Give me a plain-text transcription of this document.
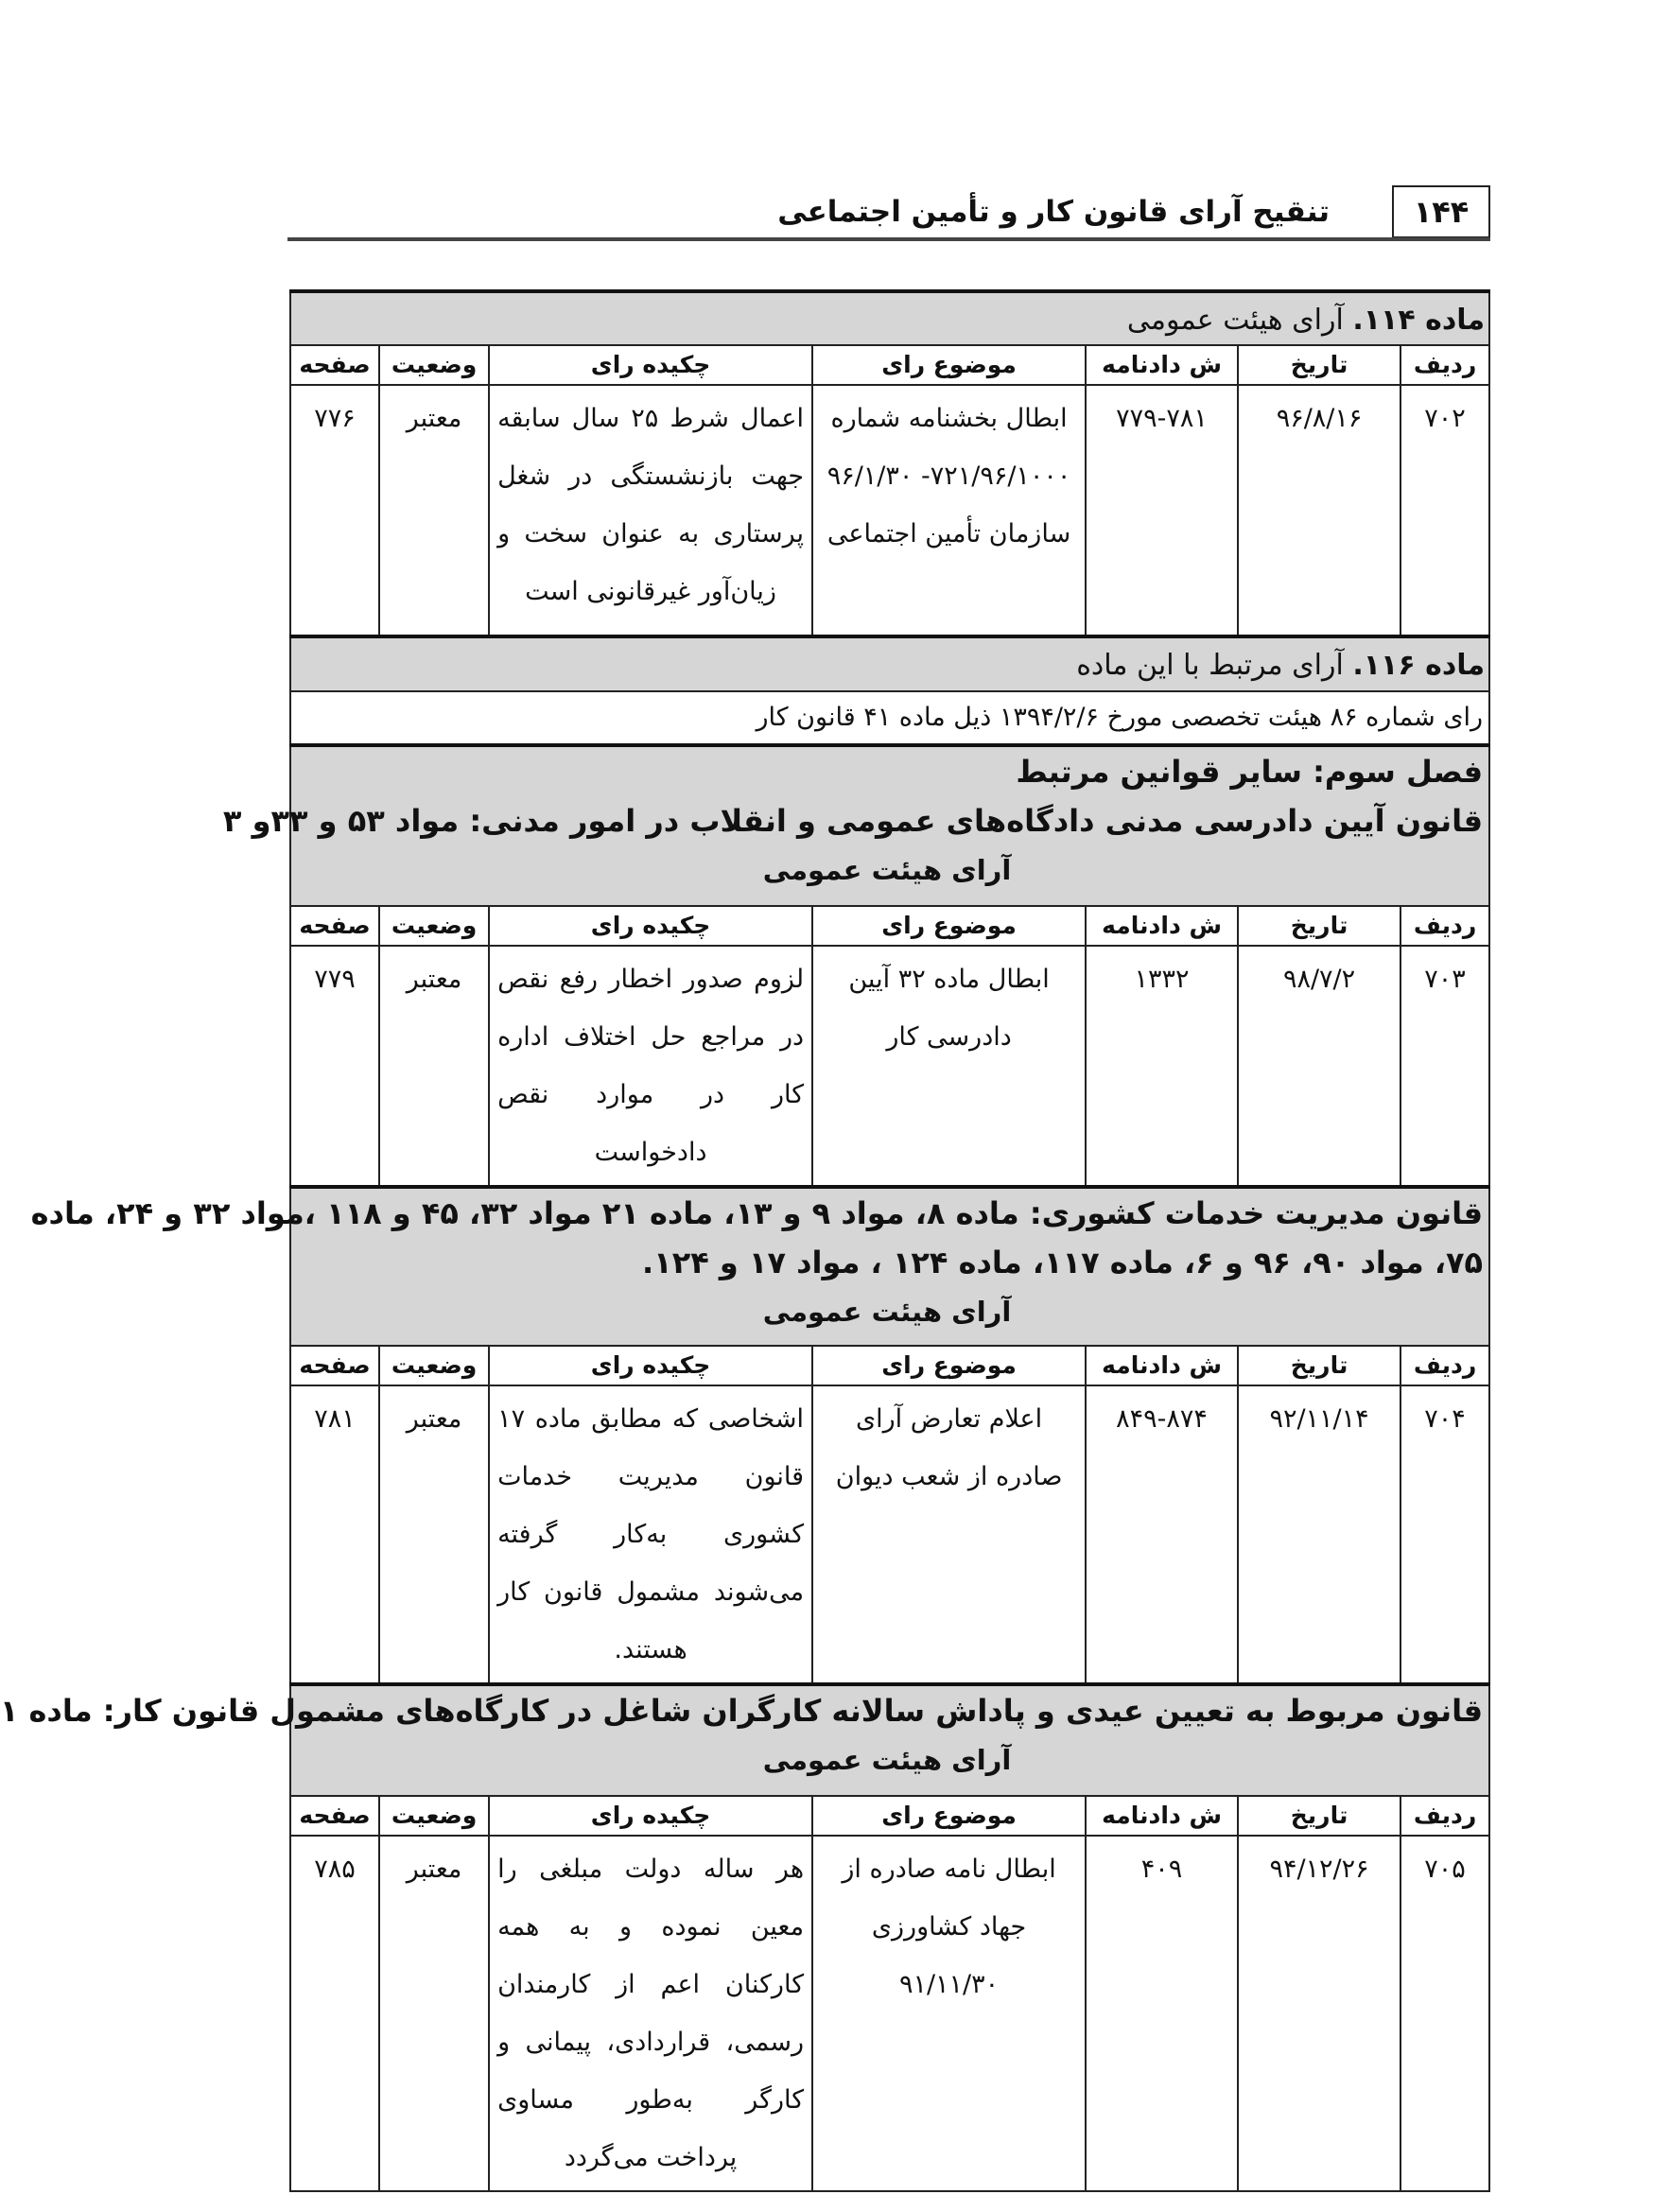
۱۴۴
تنقیح آرای قانون کار و تأمین اجتماعی
ماده ۱۱۴. آرای هیئت عمومی						
ردیف	تاریخ	ش دادنامه	موضوع رای	چکیده رای	وضعیت	صفحه
۷۰۲	۹۶/۸/۱۶	۷۷۹-۷۸۱	ابطال بخشنامه شماره ۷۲۱/۹۶/۱۰۰۰- ۹۶/۱/۳۰ سازمان تأمین اجتماعی	اعمال شرط ۲۵ سال سابقه جهت بازنشستگی در شغل پرستاری به عنوان سخت و زیان‌آور غیرقانونی است	معتبر	۷۷۶
ماده ۱۱۶. آرای مرتبط با این ماده						
رای شماره ۸۶ هیئت تخصصی مورخ ۱۳۹۴/۲/۶ ذیل ماده ۴۱ قانون کار						

فصل سوم: سایر قوانین مرتبط
قانون آیین دادرسی مدنی دادگاه‌های عمومی و انقلاب در امور مدنی: مواد ۵۳ و ۳۳و ۳
آرای هیئت عمومی						

ردیف	تاریخ	ش دادنامه	موضوع رای	چکیده رای	وضعیت	صفحه
۷۰۳	۹۸/۷/۲	۱۳۳۲	ابطال ماده ۳۲ آیین دادرسی کار	لزوم صدور اخطار رفع نقص در مراجع حل اختلاف اداره کار در موارد نقص دادخواست	معتبر	۷۷۹

قانون مدیریت خدمات کشوری: ماده ۸، مواد ۹ و ۱۳، ماده ۲۱ مواد ۳۲، ۴۵ و ۱۱۸ ،مواد ۳۲ و ۲۴، ماده
۷۵، مواد ۹۰، ۹۶ و ۶، ماده ۱۱۷، ماده ۱۲۴ ، مواد ۱۷ و ۱۲۴.
آرای هیئت عمومی						

ردیف	تاریخ	ش دادنامه	موضوع رای	چکیده رای	وضعیت	صفحه
۷۰۴	۹۲/۱۱/۱۴	۸۴۹-۸۷۴	اعلام تعارض آرای صادره از شعب دیوان	اشخاصی که مطابق ماده ۱۷ قانون مدیریت خدمات کشوری به‌کار گرفته می‌شوند مشمول قانون کار هستند.	معتبر	۷۸۱

قانون مربوط به تعیین عیدی و پاداش سالانه کارگران شاغل در کارگاه‌های مشمول قانون کار: ماده ۱
آرای هیئت عمومی						

ردیف	تاریخ	ش دادنامه	موضوع رای	چکیده رای	وضعیت	صفحه
۷۰۵	۹۴/۱۲/۲۶	۴۰۹	ابطال نامه صادره از جهاد کشاورزی ۹۱/۱۱/۳۰	هر ساله دولت مبلغی را معین نموده و به همه کارکنان اعم از کارمندان رسمی، قراردادی، پیمانی و کارگر به‌طور مساوی پرداخت می‌گردد	معتبر	۷۸۵
